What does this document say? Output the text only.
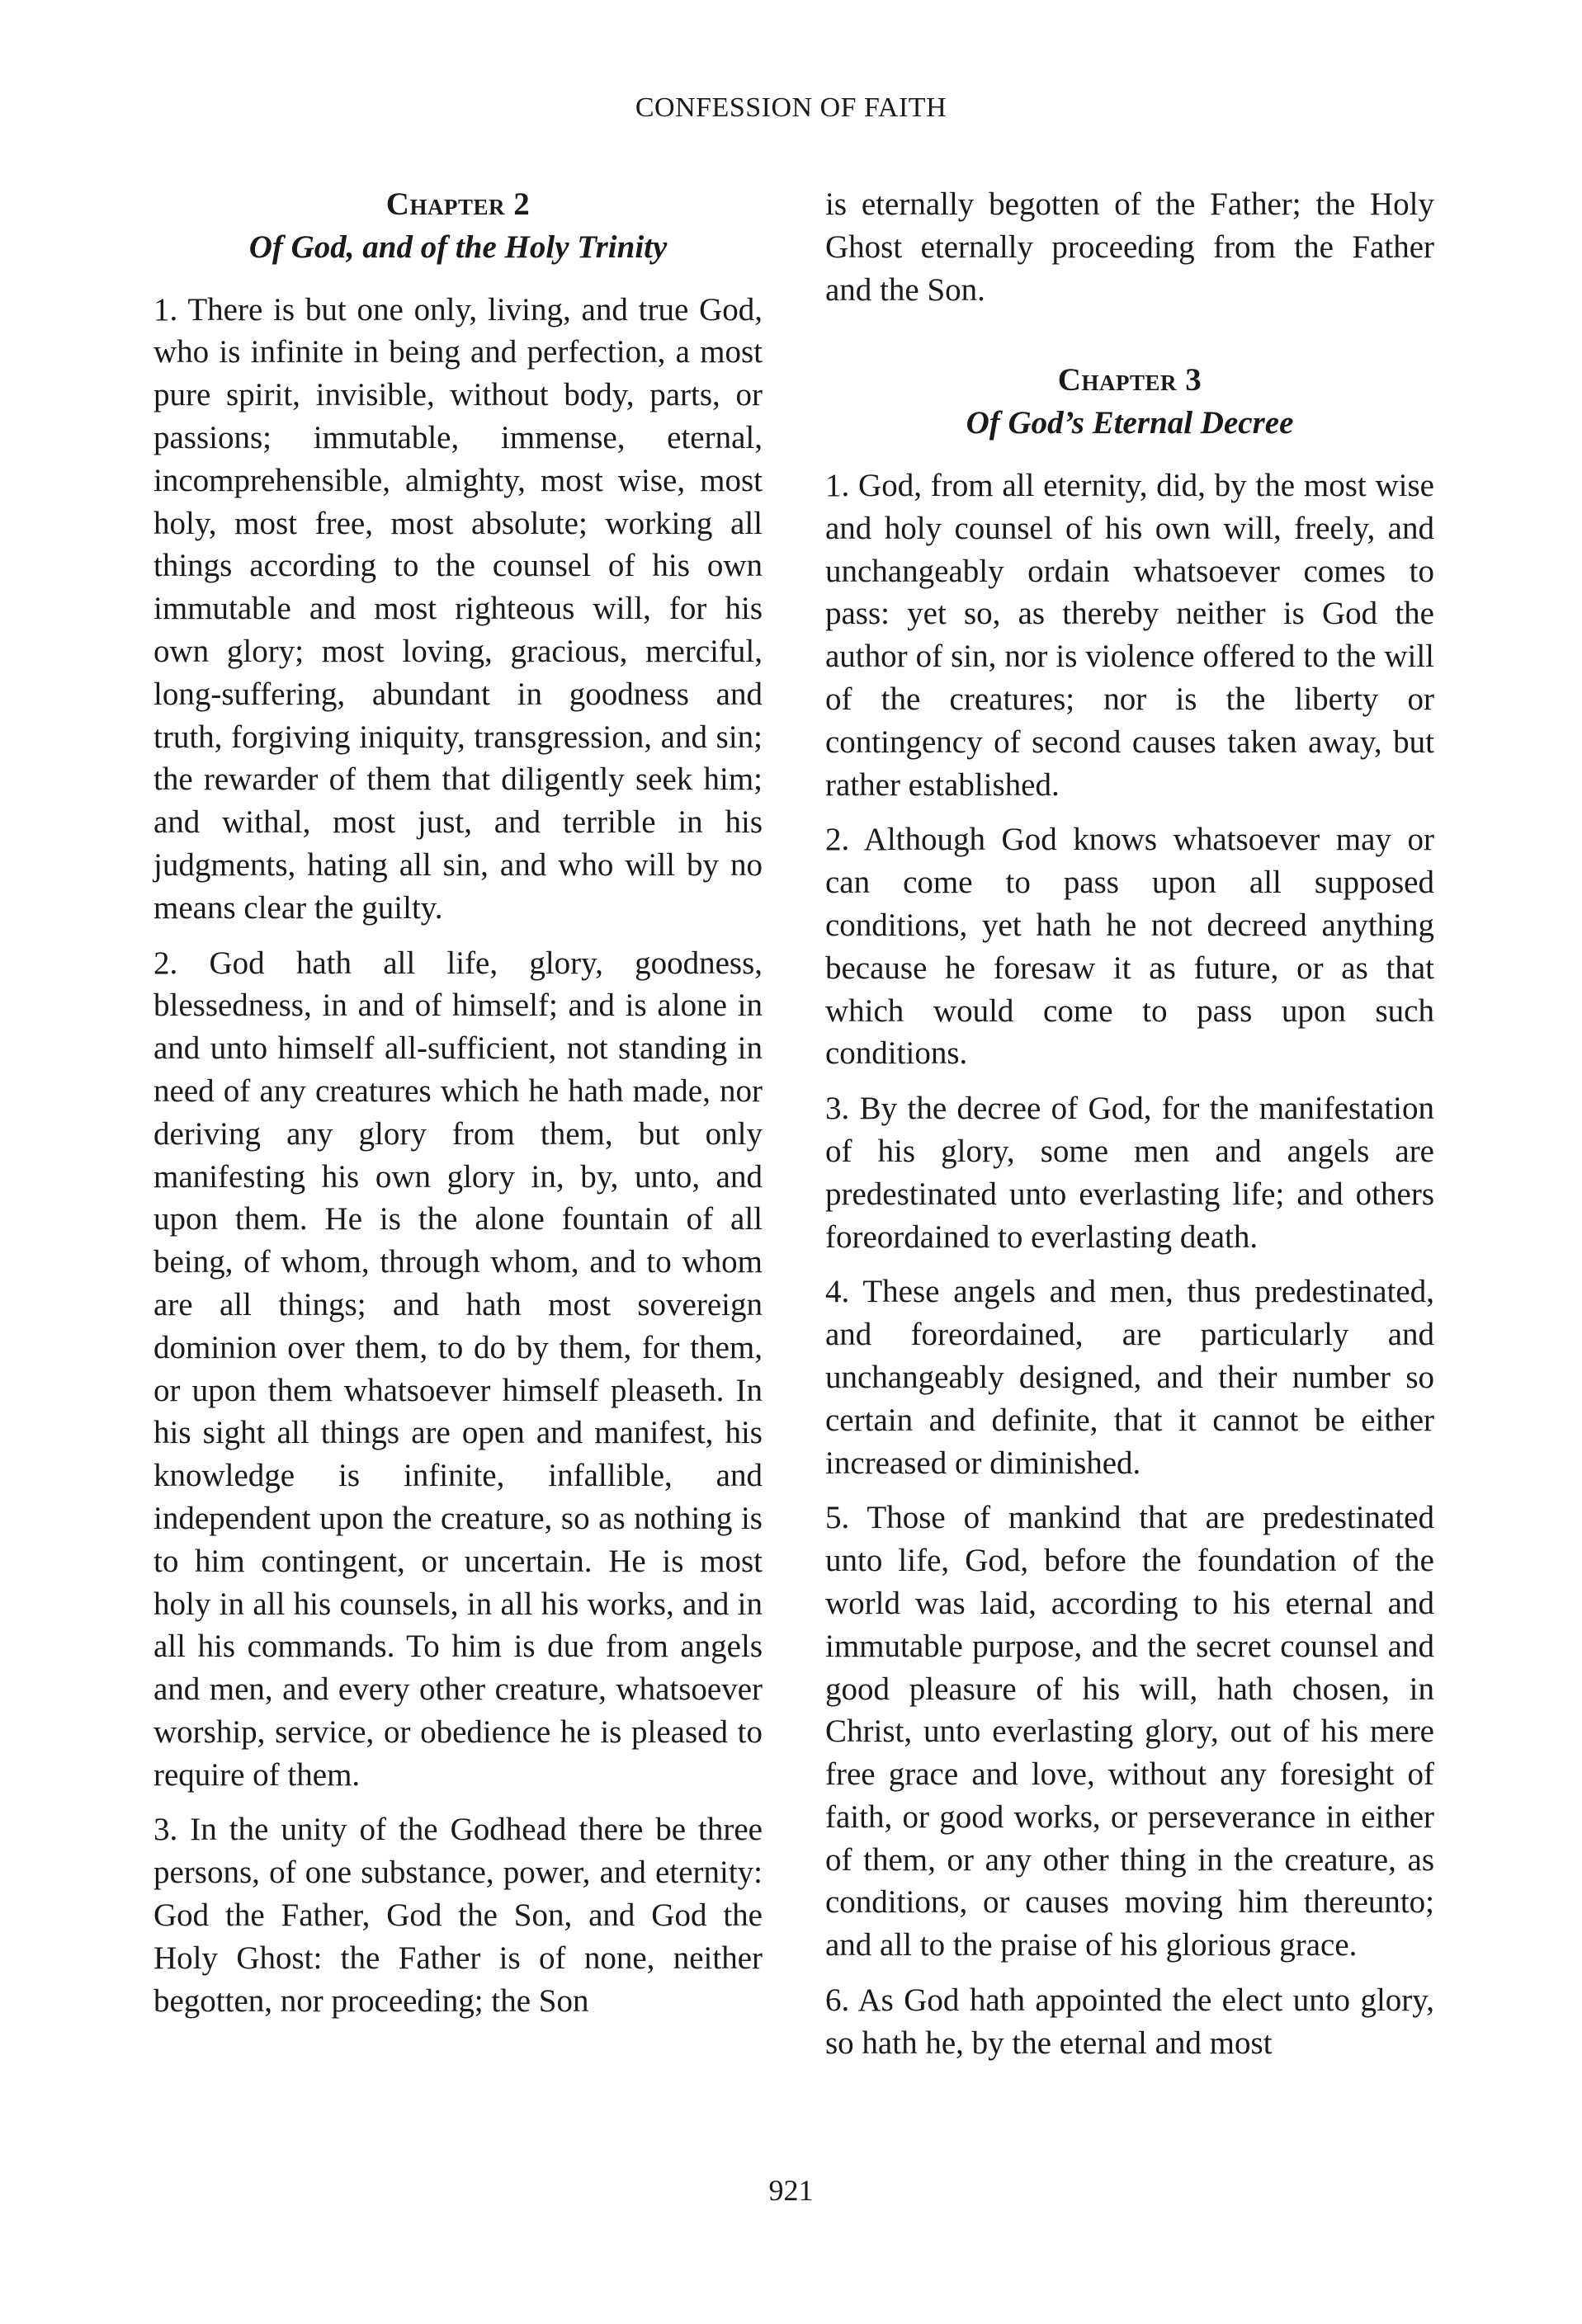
CONFESSION OF FAITH
Chapter 2
Of God, and of the Holy Trinity

1. There is but one only, living, and true God, who is infinite in being and perfection, a most pure spirit, invisible, without body, parts, or passions; immutable, immense, eternal, incomprehensible, almighty, most wise, most holy, most free, most absolute; working all things according to the counsel of his own immutable and most righteous will, for his own glory; most loving, gracious, merciful, long-suffering, abundant in goodness and truth, forgiving iniquity, transgression, and sin; the rewarder of them that diligently seek him; and withal, most just, and terrible in his judgments, hating all sin, and who will by no means clear the guilty.

2. God hath all life, glory, goodness, blessedness, in and of himself; and is alone in and unto himself all-sufficient, not standing in need of any creatures which he hath made, nor deriving any glory from them, but only manifesting his own glory in, by, unto, and upon them. He is the alone fountain of all being, of whom, through whom, and to whom are all things; and hath most sovereign dominion over them, to do by them, for them, or upon them whatsoever himself pleaseth. In his sight all things are open and manifest, his knowledge is infinite, infallible, and independent upon the creature, so as nothing is to him contingent, or uncertain. He is most holy in all his counsels, in all his works, and in all his commands. To him is due from angels and men, and every other creature, whatsoever worship, service, or obedience he is pleased to require of them.

3. In the unity of the Godhead there be three persons, of one substance, power, and eternity: God the Father, God the Son, and God the Holy Ghost: the Father is of none, neither begotten, nor proceeding; the Son

is eternally begotten of the Father; the Holy Ghost eternally proceeding from the Father and the Son.

Chapter 3
Of God’s Eternal Decree

1. God, from all eternity, did, by the most wise and holy counsel of his own will, freely, and unchangeably ordain whatsoever comes to pass: yet so, as thereby neither is God the author of sin, nor is violence offered to the will of the creatures; nor is the liberty or contingency of second causes taken away, but rather established.

2. Although God knows whatsoever may or can come to pass upon all supposed conditions, yet hath he not decreed anything because he foresaw it as future, or as that which would come to pass upon such conditions.

3. By the decree of God, for the manifestation of his glory, some men and angels are predestinated unto everlasting life; and others foreordained to everlasting death.

4. These angels and men, thus predestinated, and foreordained, are particularly and unchangeably designed, and their number so certain and definite, that it cannot be either increased or diminished.

5. Those of mankind that are predestinated unto life, God, before the foundation of the world was laid, according to his eternal and immutable purpose, and the secret counsel and good pleasure of his will, hath chosen, in Christ, unto everlasting glory, out of his mere free grace and love, without any foresight of faith, or good works, or perseverance in either of them, or any other thing in the creature, as conditions, or causes moving him thereunto; and all to the praise of his glorious grace.

6. As God hath appointed the elect unto glory, so hath he, by the eternal and most

921
